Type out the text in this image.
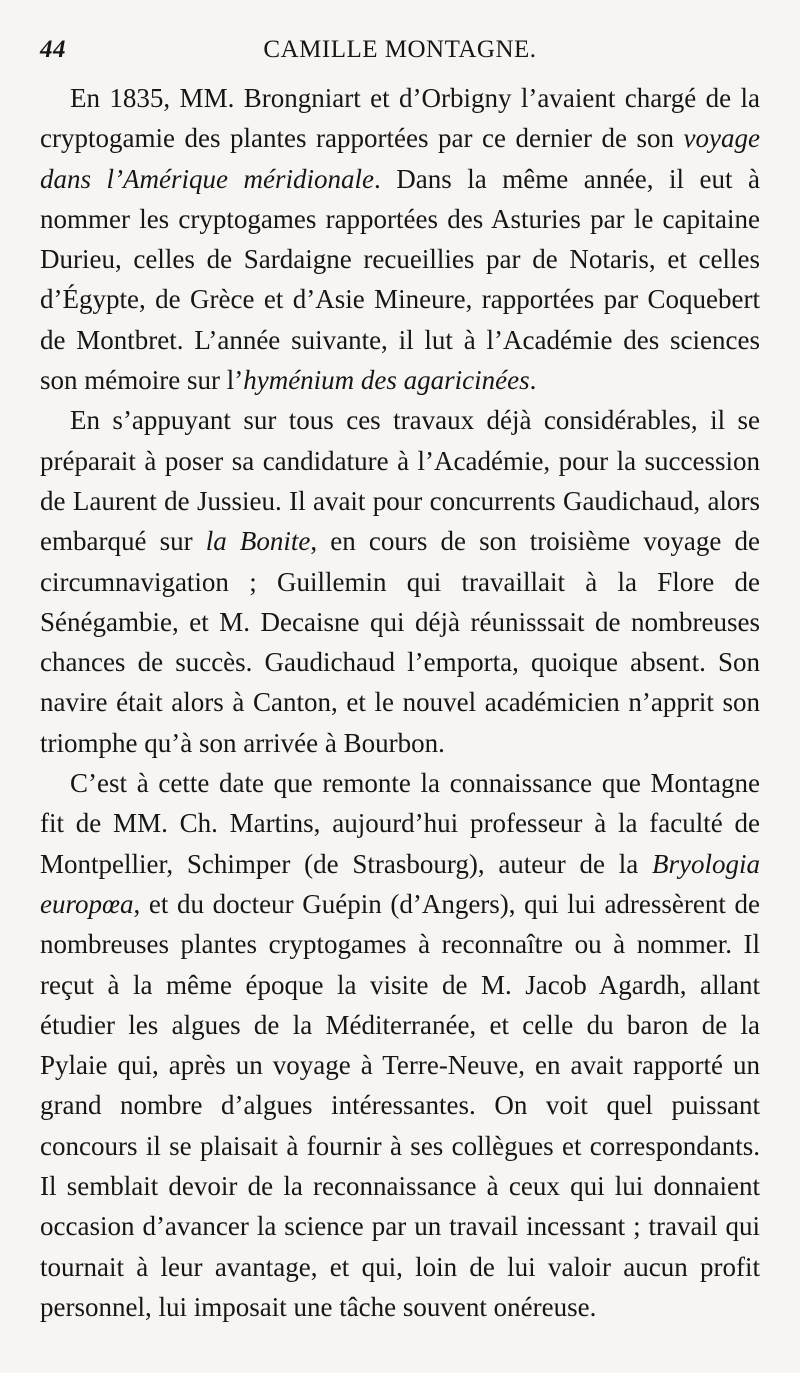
44	CAMILLE MONTAGNE.

En 1835, MM. Brongniart et d’Orbigny l’avaient chargé de la cryptogamie des plantes rapportées par ce dernier de son voyage dans l’Amérique méridionale. Dans la même année, il eut à nommer les cryptogames rapportées des Asturies par le capitaine Durieu, celles de Sardaigne recueillies par de Notaris, et celles d’Égypte, de Grèce et d’Asie Mineure, rapportées par Coquebert de Montbret. L’année suivante, il lut à l’Académie des sciences son mémoire sur l’hyménium des agaricinées.

En s’appuyant sur tous ces travaux déjà considérables, il se préparait à poser sa candidature à l’Académie, pour la succession de Laurent de Jussieu. Il avait pour concurrents Gaudichaud, alors embarqué sur la Bonite, en cours de son troisième voyage de circumnavigation ; Guillemin qui travaillait à la Flore de Sénégambie, et M. Decaisne qui déjà réunisssait de nombreuses chances de succès. Gaudichaud l’emporta, quoique absent. Son navire était alors à Canton, et le nouvel académicien n’apprit son triomphe qu’à son arrivée à Bourbon.

C’est à cette date que remonte la connaissance que Montagne fit de MM. Ch. Martins, aujourd’hui professeur à la faculté de Montpellier, Schimper (de Strasbourg), auteur de la Bryologia europœa, et du docteur Guépin (d’Angers), qui lui adressèrent de nombreuses plantes cryptogames à reconnaître ou à nommer. Il reçut à la même époque la visite de M. Jacob Agardh, allant étudier les algues de la Méditerranée, et celle du baron de la Pylaie qui, après un voyage à Terre-Neuve, en avait rapporté un grand nombre d’algues intéressantes. On voit quel puissant concours il se plaisait à fournir à ses collègues et correspondants. Il semblait devoir de la reconnaissance à ceux qui lui donnaient occasion d’avancer la science par un travail incessant ; travail qui tournait à leur avantage, et qui, loin de lui valoir aucun profit personnel, lui imposait une tâche souvent onéreuse.
